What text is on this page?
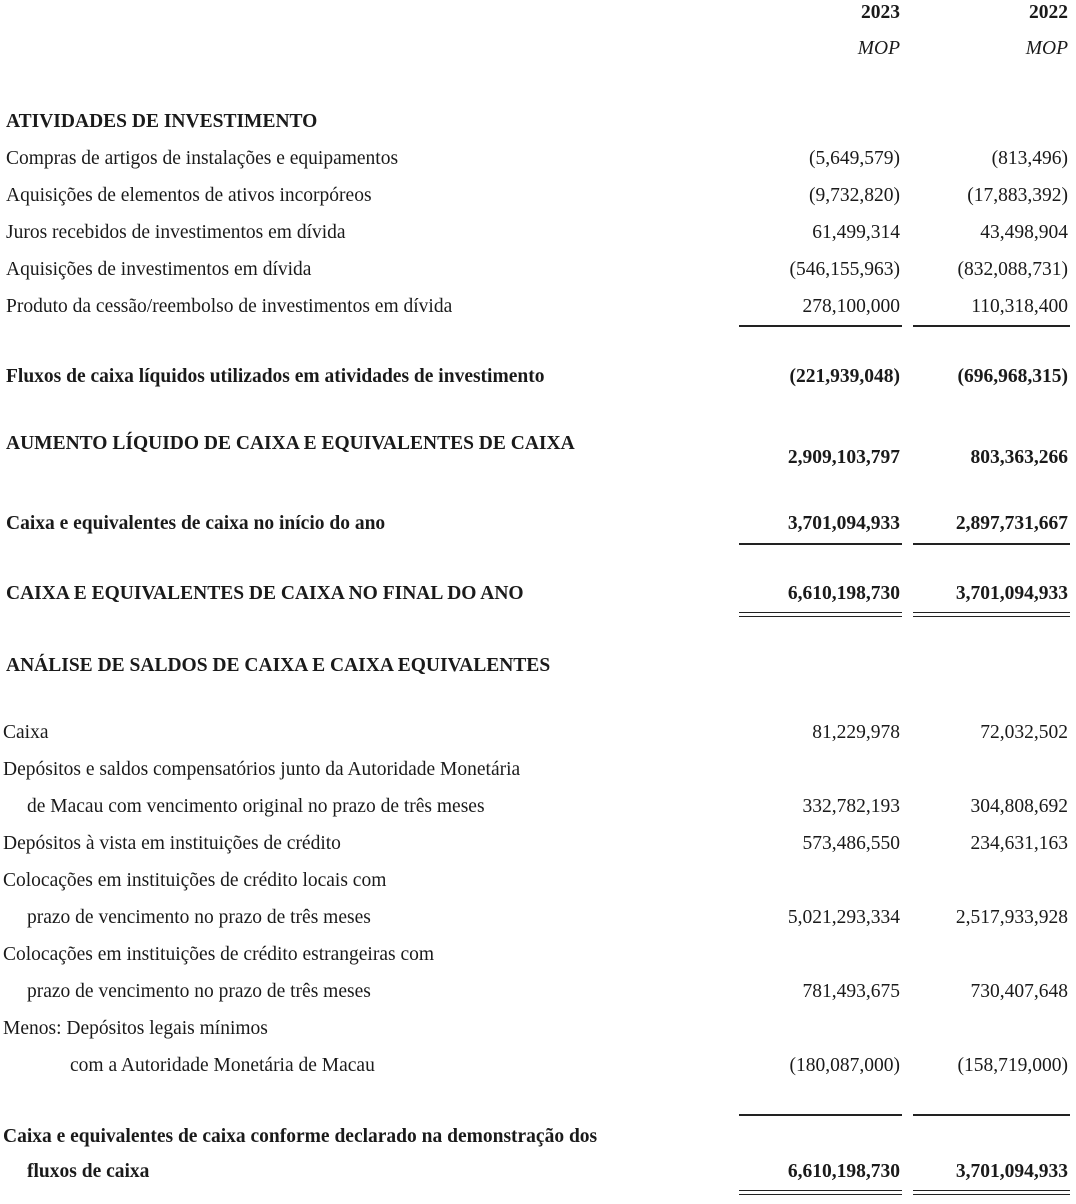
2023	2022
MOP	MOP
ATIVIDADES DE INVESTIMENTO
Compras de artigos de instalações e equipamentos	(5,649,579)	(813,496)
Aquisições de elementos de ativos incorpóreos	(9,732,820)	(17,883,392)
Juros recebidos de investimentos em dívida	61,499,314	43,498,904
Aquisições de investimentos em dívida	(546,155,963)	(832,088,731)
Produto da cessão/reembolso de investimentos em dívida	278,100,000	110,318,400
Fluxos de caixa líquidos utilizados em atividades de investimento	(221,939,048)	(696,968,315)
AUMENTO LÍQUIDO DE CAIXA E EQUIVALENTES DE CAIXA
2,909,103,797	803,363,266
Caixa e equivalentes de caixa no início do ano	3,701,094,933	2,897,731,667
CAIXA E EQUIVALENTES DE CAIXA NO FINAL DO ANO	6,610,198,730	3,701,094,933
ANÁLISE DE SALDOS DE CAIXA E CAIXA EQUIVALENTES
Caixa	81,229,978	72,032,502
Depósitos e saldos compensatórios junto da Autoridade Monetária
de Macau com vencimento original no prazo de três meses	332,782,193	304,808,692
Depósitos à vista em instituições de crédito	573,486,550	234,631,163
Colocações em instituições de crédito locais com
prazo de vencimento no prazo de três meses	5,021,293,334	2,517,933,928
Colocações em instituições de crédito estrangeiras com
prazo de vencimento no prazo de três meses	781,493,675	730,407,648
Menos: Depósitos legais mínimos
com a Autoridade Monetária de Macau	(180,087,000)	(158,719,000)
Caixa e equivalentes de caixa conforme declarado na demonstração dos
fluxos de caixa	6,610,198,730	3,701,094,933
